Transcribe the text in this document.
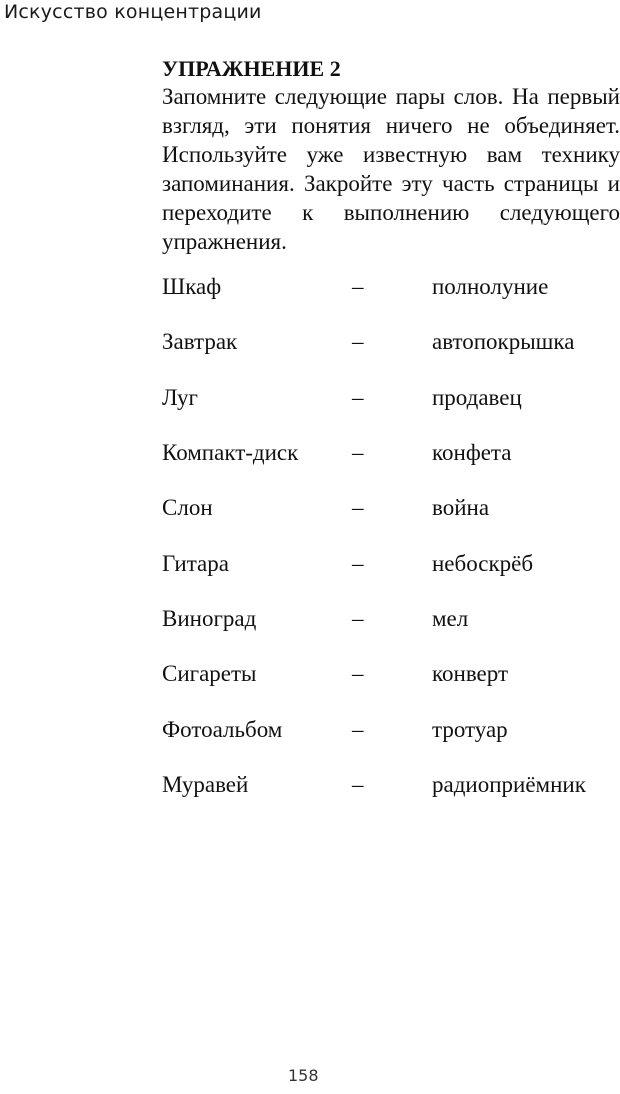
Искусство концентрации
УПРАЖНЕНИЕ 2
Запомните следующие пары слов. На первый взгляд, эти понятия ничего не объединяет. Используйте уже известную вам технику запоминания. Закройте эту часть страницы и переходите к выполнению следующего упражнения.
Шкаф	–	полнолуние
Завтрак	–	автопокрышка
Луг	–	продавец
Компакт-диск –	конфета
Слон	–	война
Гитара	–	небоскрёб
Виноград	–	мел
Сигареты	–	конверт
Фотоальбом	–	тротуар
Муравей	–	радиоприёмник
158
